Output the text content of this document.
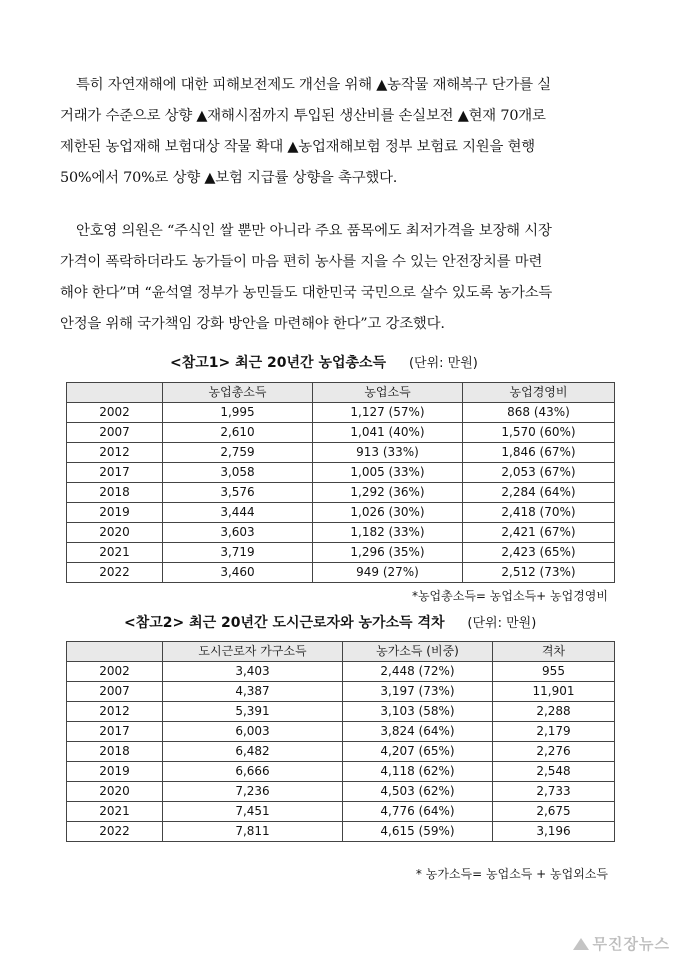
특히 자연재해에 대한 피해보전제도 개선을 위해 ▲농작물 재해복구 단가를 실
거래가 수준으로 상향 ▲재해시점까지 투입된 생산비를 손실보전 ▲현재 70개로
제한된 농업재해 보험대상 작물 확대 ▲농업재해보험 정부 보험료 지원을 현행
50%에서 70%로 상향 ▲보험 지급률 상향을 촉구했다.
안호영 의원은 “주식인 쌀 뿐만 아니라 주요 품목에도 최저가격을 보장해 시장
가격이 폭락하더라도 농가들이 마음 편히 농사를 지을 수 있는 안전장치를 마련
해야 한다”며 “윤석열 정부가 농민들도 대한민국 국민으로 살수 있도록 농가소득
안정을 위해 국가책임 강화 방안을 마련해야 한다”고 강조했다.
<참고1> 최근 20년간 농업총소득 (단위: 만원)
	농업총소득	농업소득	농업경영비
2002	1,995	1,127 (57%)	868 (43%)
2007	2,610	1,041 (40%)	1,570 (60%)
2012	2,759	913 (33%)	1,846 (67%)
2017	3,058	1,005 (33%)	2,053 (67%)
2018	3,576	1,292 (36%)	2,284 (64%)
2019	3,444	1,026 (30%)	2,418 (70%)
2020	3,603	1,182 (33%)	2,421 (67%)
2021	3,719	1,296 (35%)	2,423 (65%)
2022	3,460	949 (27%)	2,512 (73%)
*농업총소득= 농업소득+ 농업경영비
<참고2> 최근 20년간 도시근로자와 농가소득 격차 (단위: 만원)
	도시근로자 가구소득	농가소득 (비중)	격차
2002	3,403	2,448 (72%)	955
2007	4,387	3,197 (73%)	11,901
2012	5,391	3,103 (58%)	2,288
2017	6,003	3,824 (64%)	2,179
2018	6,482	4,207 (65%)	2,276
2019	6,666	4,118 (62%)	2,548
2020	7,236	4,503 (62%)	2,733
2021	7,451	4,776 (64%)	2,675
2022	7,811	4,615 (59%)	3,196
* 농가소득= 농업소득 + 농업외소득
무진장뉴스
